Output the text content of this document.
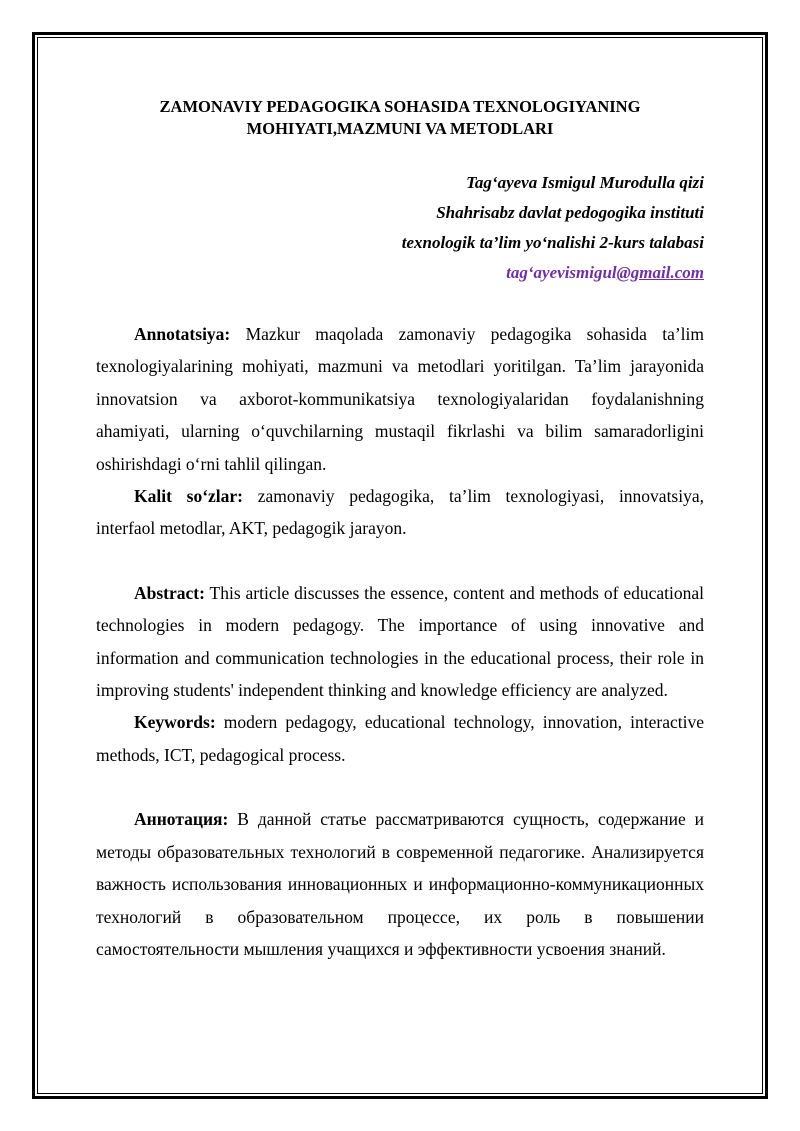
ZAMONAVIY PEDAGOGIKA SOHASIDA TEXNOLOGIYANING
MOHIYATI,MAZMUNI VA METODLARI
Tag‘ayeva Ismigul Murodulla qizi
Shahrisabz davlat pedogogika instituti
texnologik ta’lim yo‘nalishi 2-kurs talabasi
tag‘ayevismigul@gmail.com

Annotatsiya: Mazkur maqolada zamonaviy pedagogika sohasida ta’lim texnologiyalarining mohiyati, mazmuni va metodlari yoritilgan. Ta’lim jarayonida innovatsion va axborot-kommunikatsiya texnologiyalaridan foydalanishning ahamiyati, ularning o‘quvchilarning mustaqil fikrlashi va bilim samaradorligini oshirishdagi o‘rni tahlil qilingan.

Kalit so‘zlar: zamonaviy pedagogika, ta’lim texnologiyasi, innovatsiya, interfaol metodlar, AKT, pedagogik jarayon.

Abstract: This article discusses the essence, content and methods of educational technologies in modern pedagogy. The importance of using innovative and information and communication technologies in the educational process, their role in improving students' independent thinking and knowledge efficiency are analyzed.

Keywords: modern pedagogy, educational technology, innovation, interactive methods, ICT, pedagogical process.

Аннотация: В данной статье рассматриваются сущность, содержание и методы образовательных технологий в современной педагогике. Анализируется важность использования инновационных и информационно-коммуникационных технологий в образовательном процессе, их роль в повышении самостоятельности мышления учащихся и эффективности усвоения знаний.
